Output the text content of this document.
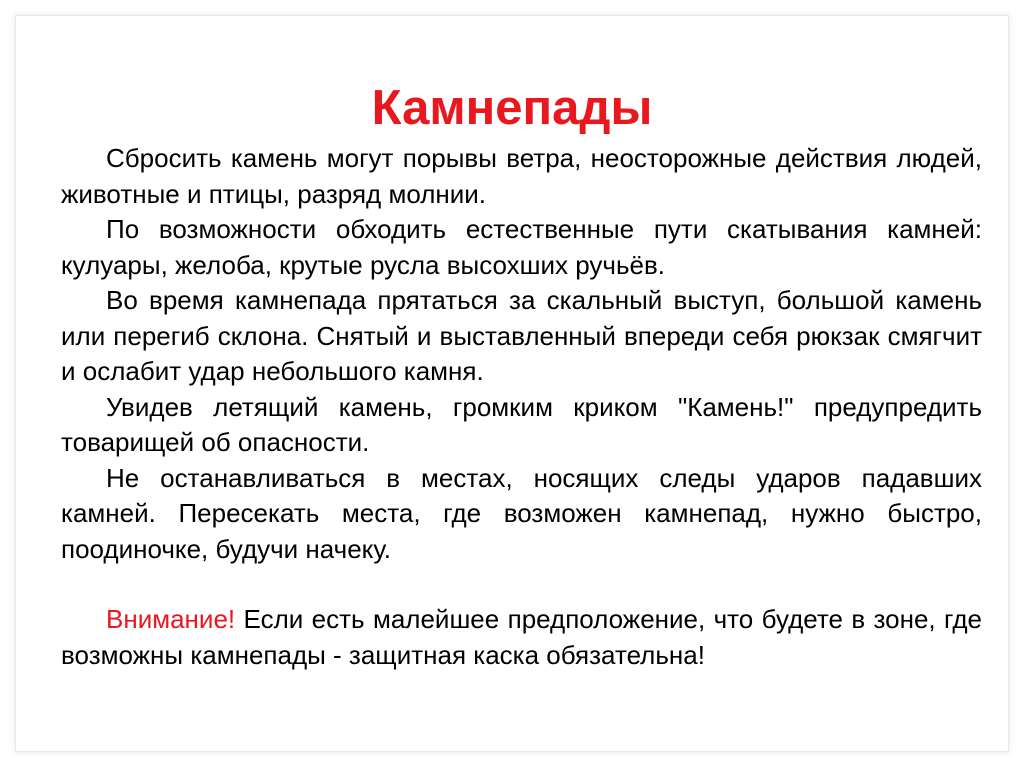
Камнепады

Сбросить камень могут порывы ветра, неосторожные действия людей, животные и птицы, разряд молнии.

По возможности обходить естественные пути скатывания камней: кулуары, желоба, крутые русла высохших ручьёв.

Во время камнепада прятаться за скальный выступ, большой камень или перегиб склона. Снятый и выставленный впереди себя рюкзак смягчит и ослабит удар небольшого камня.

Увидев летящий камень, громким криком "Камень!" предупредить товарищей об опасности.

Не останавливаться в местах, носящих следы ударов падавших камней. Пересекать места, где возможен камнепад, нужно быстро, поодиночке, будучи начеку.

Внимание! Если есть малейшее предположение, что будете в зоне, где возможны камнепады - защитная каска обязательна!
